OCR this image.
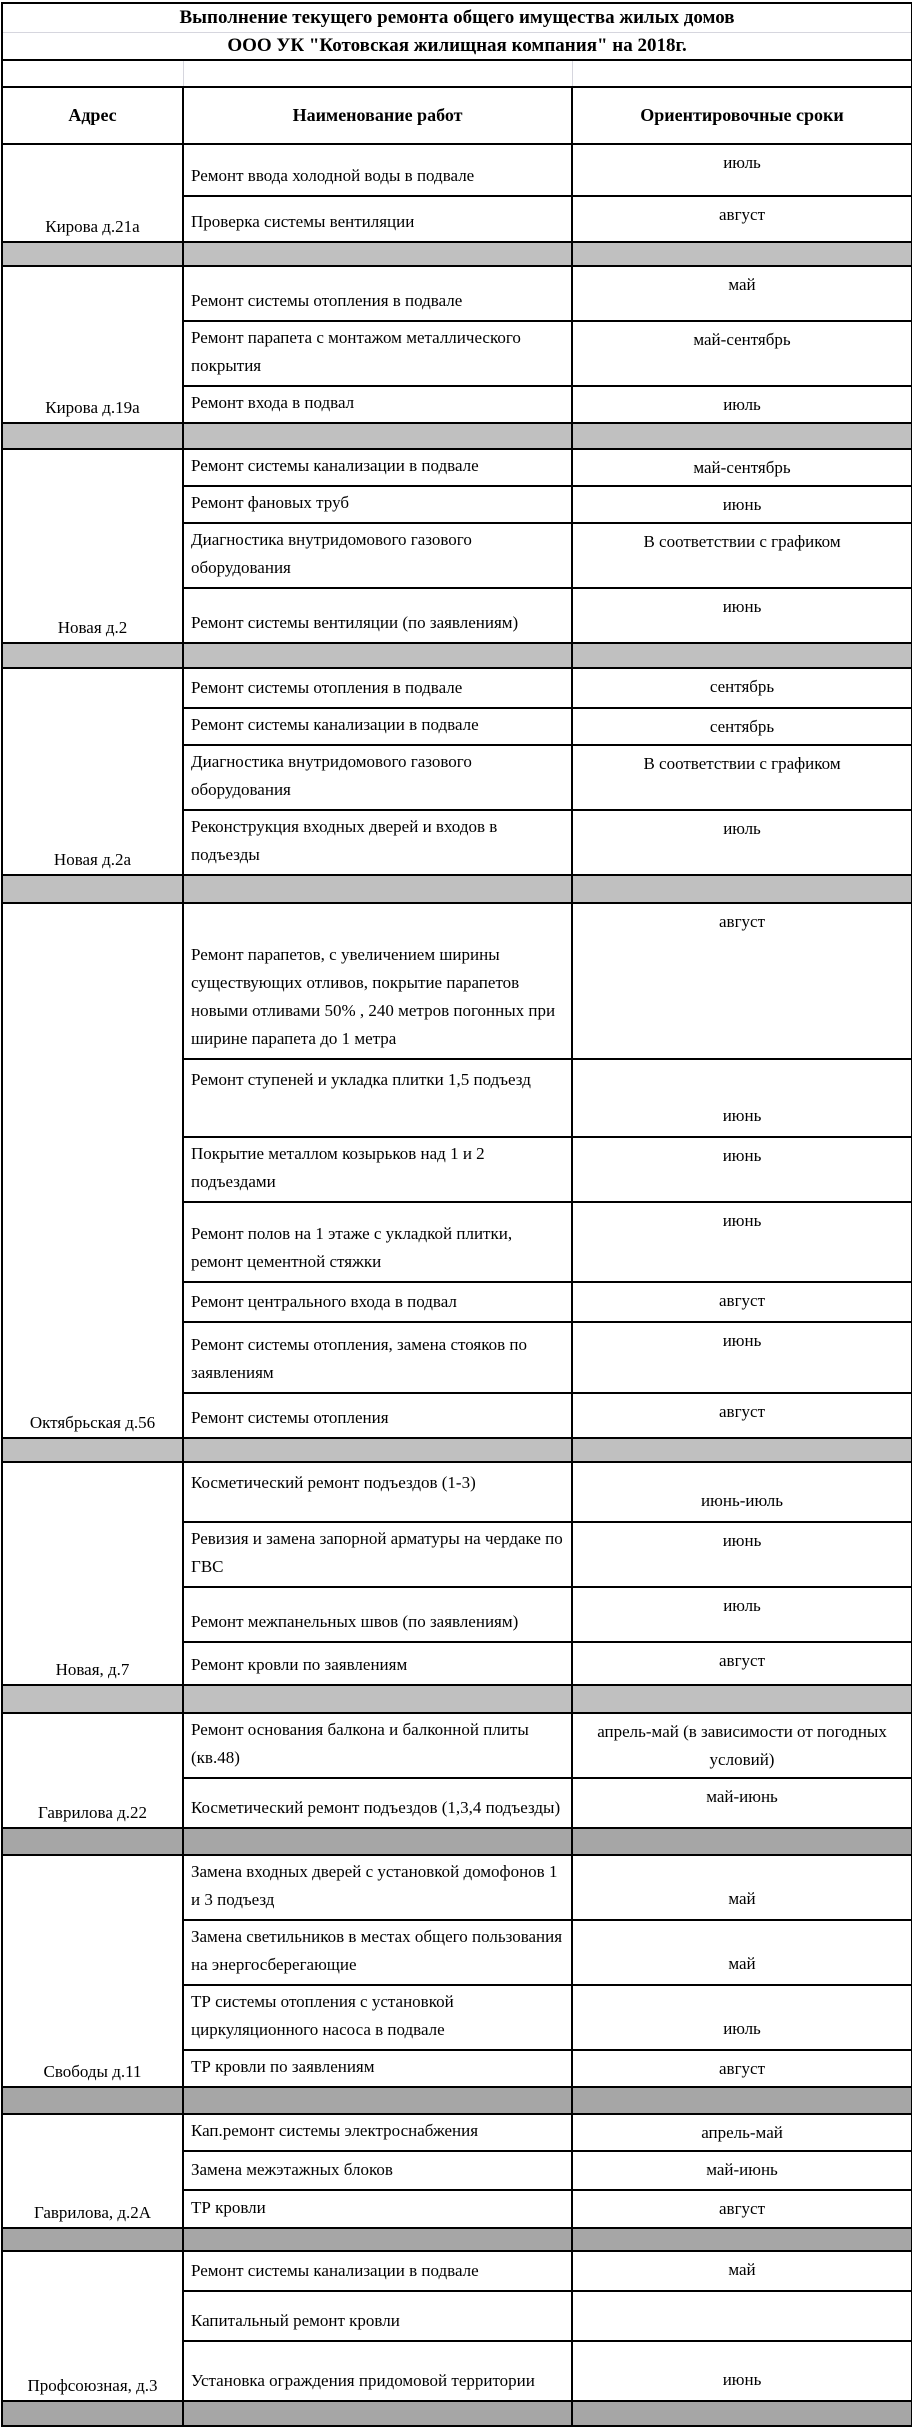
Выполнение текущего ремонта общего имущества жилых домов		
ООО УК "Котовская жилищная компания" на 2018г.		

Адрес	Наименование работ	Ориентировочные сроки
Кирова д.21а	Ремонт ввода холодной воды в подвале	июль
	Проверка системы вентиляции	август

Кирова д.19а	Ремонт системы отопления в подвале	май
	Ремонт парапета с монтажом металлического покрытия	май-сентябрь
	Ремонт входа в подвал	июль

Новая д.2	Ремонт системы канализации в подвале	май-сентябрь
	Ремонт фановых труб	июнь
	Диагностика внутридомового газового оборудования	В соответствии с графиком
	Ремонт системы вентиляции (по заявлениям)	июнь

Новая д.2а	Ремонт системы отопления в подвале	сентябрь
	Ремонт системы канализации в подвале	сентябрь
	Диагностика внутридомового газового оборудования	В соответствии с графиком
	Реконструкция входных дверей и входов в подъезды	июль

Октябрьская д.56	Ремонт парапетов, с увеличением ширины существующих отливов, покрытие парапетов новыми отливами 50% , 240 метров погонных при ширине парапета до 1 метра	август
	Ремонт ступеней и укладка плитки 1,5 подъезд	июнь
	Покрытие металлом козырьков над 1 и 2 подъездами	июнь
	Ремонт полов на 1 этаже с укладкой плитки, ремонт цементной стяжки	июнь
	Ремонт центрального входа в подвал	август
	Ремонт системы отопления, замена стояков по заявлениям	июнь
	Ремонт системы отопления	август

Новая, д.7	Косметический ремонт подъездов (1-3)	июнь-июль
	Ревизия и замена запорной арматуры на чердаке по ГВС	июнь
	Ремонт межпанельных швов (по заявлениям)	июль
	Ремонт кровли по заявлениям	август

Гаврилова д.22	Ремонт основания балкона и балконной плиты (кв.48)	апрель-май (в зависимости от погодных условий)
	Косметический ремонт подъездов (1,3,4 подъезды)	май-июнь

Свободы д.11	Замена входных дверей с установкой домофонов 1 и 3 подъезд	май
	Замена светильников в местах общего пользования на энергосберегающие	май
	ТР системы отопления с установкой циркуляционного насоса в подвале	июль
	ТР кровли по заявлениям	август

Гаврилова, д.2А	Кап.ремонт системы электроснабжения	апрель-май
	Замена межэтажных блоков	май-июнь
	ТР кровли	август

Профсоюзная, д.3	Ремонт системы канализации в подвале	май
	Капитальный ремонт кровли	
	Установка ограждения придомовой территории	июнь
